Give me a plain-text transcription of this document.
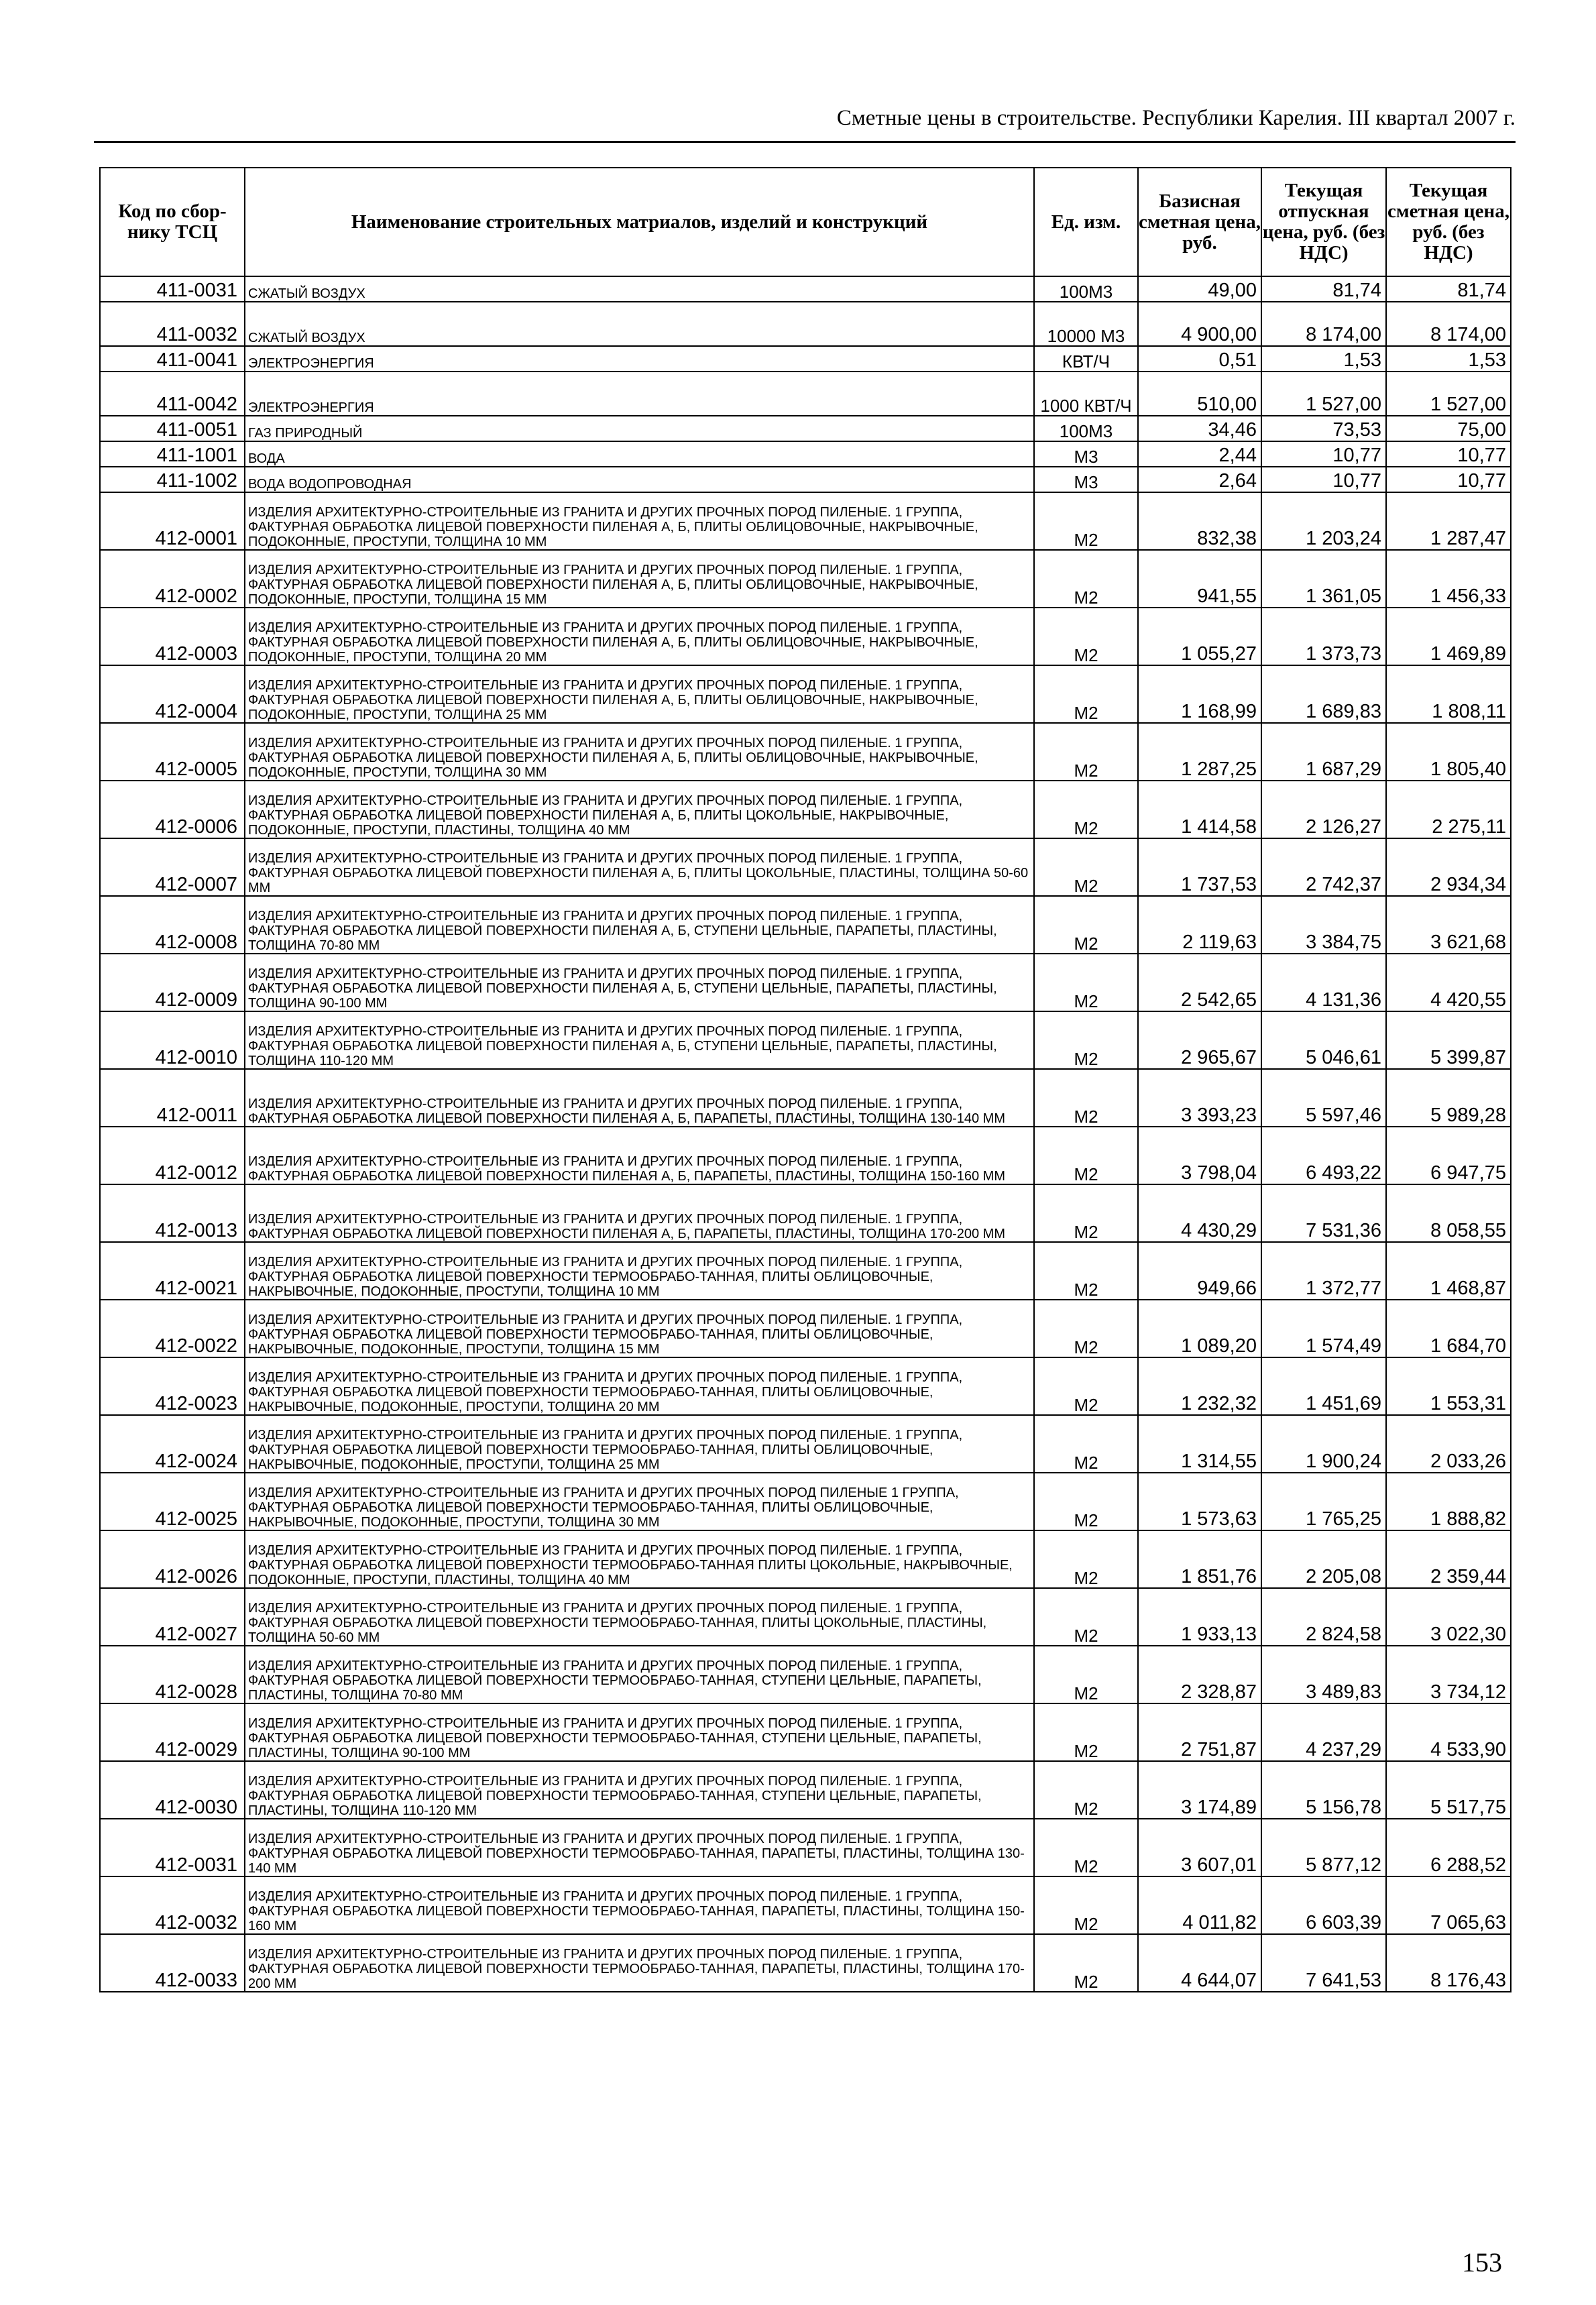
Сметные цены в строительстве. Республики Карелия. III квартал 2007 г.
Код по сбор-нику ТСЦ	Наименование строительных матриалов, изделий и конструкций	Ед. изм.	Базисная сметная цена, руб.	Текущая отпускная цена, руб. (без НДС)	Текущая сметная цена, руб. (без НДС)
411-0031	СЖАТЫЙ ВОЗДУХ	100М3	49,00	81,74	81,74
411-0032	СЖАТЫЙ ВОЗДУХ	10000 М3	4 900,00	8 174,00	8 174,00
411-0041	ЭЛЕКТРОЭНЕРГИЯ	КВТ/Ч	0,51	1,53	1,53
411-0042	ЭЛЕКТРОЭНЕРГИЯ	1000 КВТ/Ч	510,00	1 527,00	1 527,00
411-0051	ГАЗ ПРИРОДНЫЙ	100М3	34,46	73,53	75,00
411-1001	ВОДА	М3	2,44	10,77	10,77
411-1002	ВОДА ВОДОПРОВОДНАЯ	М3	2,64	10,77	10,77
412-0001	ИЗДЕЛИЯ АРХИТЕКТУРНО-СТРОИТЕЛЬНЫЕ ИЗ ГРАНИТА И ДРУГИХ ПРОЧНЫХ ПОРОД ПИЛЕНЫЕ. 1 ГРУППА, ФАКТУРНАЯ ОБРАБОТКА ЛИЦЕВОЙ ПОВЕРХНОСТИ ПИЛЕНАЯ А, Б, ПЛИТЫ ОБЛИЦОВОЧНЫЕ, НАКРЫВОЧНЫЕ, ПОДОКОННЫЕ, ПРОСТУПИ, ТОЛЩИНА 10 ММ	М2	832,38	1 203,24	1 287,47
412-0002	ИЗДЕЛИЯ АРХИТЕКТУРНО-СТРОИТЕЛЬНЫЕ ИЗ ГРАНИТА И ДРУГИХ ПРОЧНЫХ ПОРОД ПИЛЕНЫЕ. 1 ГРУППА, ФАКТУРНАЯ ОБРАБОТКА ЛИЦЕВОЙ ПОВЕРХНОСТИ ПИЛЕНАЯ А, Б, ПЛИТЫ ОБЛИЦОВОЧНЫЕ, НАКРЫВОЧНЫЕ, ПОДОКОННЫЕ, ПРОСТУПИ, ТОЛЩИНА 15 ММ	М2	941,55	1 361,05	1 456,33
412-0003	ИЗДЕЛИЯ АРХИТЕКТУРНО-СТРОИТЕЛЬНЫЕ ИЗ ГРАНИТА И ДРУГИХ ПРОЧНЫХ ПОРОД ПИЛЕНЫЕ. 1 ГРУППА, ФАКТУРНАЯ ОБРАБОТКА ЛИЦЕВОЙ ПОВЕРХНОСТИ ПИЛЕНАЯ А, Б, ПЛИТЫ ОБЛИЦОВОЧНЫЕ, НАКРЫВОЧНЫЕ, ПОДОКОННЫЕ, ПРОСТУПИ, ТОЛЩИНА 20 ММ	М2	1 055,27	1 373,73	1 469,89
412-0004	ИЗДЕЛИЯ АРХИТЕКТУРНО-СТРОИТЕЛЬНЫЕ ИЗ ГРАНИТА И ДРУГИХ ПРОЧНЫХ ПОРОД ПИЛЕНЫЕ. 1 ГРУППА, ФАКТУРНАЯ ОБРАБОТКА ЛИЦЕВОЙ ПОВЕРХНОСТИ ПИЛЕНАЯ А, Б, ПЛИТЫ ОБЛИЦОВОЧНЫЕ, НАКРЫВОЧНЫЕ, ПОДОКОННЫЕ, ПРОСТУПИ, ТОЛЩИНА 25 ММ	М2	1 168,99	1 689,83	1 808,11
412-0005	ИЗДЕЛИЯ АРХИТЕКТУРНО-СТРОИТЕЛЬНЫЕ ИЗ ГРАНИТА И ДРУГИХ ПРОЧНЫХ ПОРОД ПИЛЕНЫЕ. 1 ГРУППА, ФАКТУРНАЯ ОБРАБОТКА ЛИЦЕВОЙ ПОВЕРХНОСТИ ПИЛЕНАЯ А, Б, ПЛИТЫ ОБЛИЦОВОЧНЫЕ, НАКРЫВОЧНЫЕ, ПОДОКОННЫЕ, ПРОСТУПИ, ТОЛЩИНА 30 ММ	М2	1 287,25	1 687,29	1 805,40
412-0006	ИЗДЕЛИЯ АРХИТЕКТУРНО-СТРОИТЕЛЬНЫЕ ИЗ ГРАНИТА И ДРУГИХ ПРОЧНЫХ ПОРОД ПИЛЕНЫЕ. 1 ГРУППА, ФАКТУРНАЯ ОБРАБОТКА ЛИЦЕВОЙ ПОВЕРХНОСТИ ПИЛЕНАЯ А, Б, ПЛИТЫ ЦОКОЛЬНЫЕ, НАКРЫВОЧНЫЕ, ПОДОКОННЫЕ, ПРОСТУПИ, ПЛАСТИНЫ, ТОЛЩИНА 40 ММ	М2	1 414,58	2 126,27	2 275,11
412-0007	ИЗДЕЛИЯ АРХИТЕКТУРНО-СТРОИТЕЛЬНЫЕ ИЗ ГРАНИТА И ДРУГИХ ПРОЧНЫХ ПОРОД ПИЛЕНЫЕ. 1 ГРУППА, ФАКТУРНАЯ ОБРАБОТКА ЛИЦЕВОЙ ПОВЕРХНОСТИ ПИЛЕНАЯ А, Б, ПЛИТЫ ЦОКОЛЬНЫЕ, ПЛАСТИНЫ, ТОЛЩИНА 50-60 ММ	М2	1 737,53	2 742,37	2 934,34
412-0008	ИЗДЕЛИЯ АРХИТЕКТУРНО-СТРОИТЕЛЬНЫЕ ИЗ ГРАНИТА И ДРУГИХ ПРОЧНЫХ ПОРОД ПИЛЕНЫЕ. 1 ГРУППА, ФАКТУРНАЯ ОБРАБОТКА ЛИЦЕВОЙ ПОВЕРХНОСТИ ПИЛЕНАЯ А, Б, СТУПЕНИ ЦЕЛЬНЫЕ, ПАРАПЕТЫ, ПЛАСТИНЫ, ТОЛЩИНА 70-80 ММ	М2	2 119,63	3 384,75	3 621,68
412-0009	ИЗДЕЛИЯ АРХИТЕКТУРНО-СТРОИТЕЛЬНЫЕ ИЗ ГРАНИТА И ДРУГИХ ПРОЧНЫХ ПОРОД ПИЛЕНЫЕ. 1 ГРУППА, ФАКТУРНАЯ ОБРАБОТКА ЛИЦЕВОЙ ПОВЕРХНОСТИ ПИЛЕНАЯ А, Б, СТУПЕНИ ЦЕЛЬНЫЕ, ПАРАПЕТЫ, ПЛАСТИНЫ, ТОЛЩИНА 90-100 ММ	М2	2 542,65	4 131,36	4 420,55
412-0010	ИЗДЕЛИЯ АРХИТЕКТУРНО-СТРОИТЕЛЬНЫЕ ИЗ ГРАНИТА И ДРУГИХ ПРОЧНЫХ ПОРОД ПИЛЕНЫЕ. 1 ГРУППА, ФАКТУРНАЯ ОБРАБОТКА ЛИЦЕВОЙ ПОВЕРХНОСТИ ПИЛЕНАЯ А, Б, СТУПЕНИ ЦЕЛЬНЫЕ, ПАРАПЕТЫ, ПЛАСТИНЫ, ТОЛЩИНА 110-120 ММ	М2	2 965,67	5 046,61	5 399,87
412-0011	ИЗДЕЛИЯ АРХИТЕКТУРНО-СТРОИТЕЛЬНЫЕ ИЗ ГРАНИТА И ДРУГИХ ПРОЧНЫХ ПОРОД ПИЛЕНЫЕ. 1 ГРУППА, ФАКТУРНАЯ ОБРАБОТКА ЛИЦЕВОЙ ПОВЕРХНОСТИ ПИЛЕНАЯ А, Б, ПАРАПЕТЫ, ПЛАСТИНЫ, ТОЛЩИНА 130-140 ММ	М2	3 393,23	5 597,46	5 989,28
412-0012	ИЗДЕЛИЯ АРХИТЕКТУРНО-СТРОИТЕЛЬНЫЕ ИЗ ГРАНИТА И ДРУГИХ ПРОЧНЫХ ПОРОД ПИЛЕНЫЕ. 1 ГРУППА, ФАКТУРНАЯ ОБРАБОТКА ЛИЦЕВОЙ ПОВЕРХНОСТИ ПИЛЕНАЯ А, Б, ПАРАПЕТЫ, ПЛАСТИНЫ, ТОЛЩИНА 150-160 ММ	М2	3 798,04	6 493,22	6 947,75
412-0013	ИЗДЕЛИЯ АРХИТЕКТУРНО-СТРОИТЕЛЬНЫЕ ИЗ ГРАНИТА И ДРУГИХ ПРОЧНЫХ ПОРОД ПИЛЕНЫЕ. 1 ГРУППА, ФАКТУРНАЯ ОБРАБОТКА ЛИЦЕВОЙ ПОВЕРХНОСТИ ПИЛЕНАЯ А, Б, ПАРАПЕТЫ, ПЛАСТИНЫ, ТОЛЩИНА 170-200 ММ	М2	4 430,29	7 531,36	8 058,55
412-0021	ИЗДЕЛИЯ АРХИТЕКТУРНО-СТРОИТЕЛЬНЫЕ ИЗ ГРАНИТА И ДРУГИХ ПРОЧНЫХ ПОРОД ПИЛЕНЫЕ. 1 ГРУППА, ФАКТУРНАЯ ОБРАБОТКА ЛИЦЕВОЙ ПОВЕРХНОСТИ ТЕРМООБРАБО-ТАННАЯ, ПЛИТЫ ОБЛИЦОВОЧНЫЕ, НАКРЫВОЧНЫЕ, ПОДОКОННЫЕ, ПРОСТУПИ, ТОЛЩИНА 10 ММ	М2	949,66	1 372,77	1 468,87
412-0022	ИЗДЕЛИЯ АРХИТЕКТУРНО-СТРОИТЕЛЬНЫЕ ИЗ ГРАНИТА И ДРУГИХ ПРОЧНЫХ ПОРОД ПИЛЕНЫЕ. 1 ГРУППА, ФАКТУРНАЯ ОБРАБОТКА ЛИЦЕВОЙ ПОВЕРХНОСТИ ТЕРМООБРАБО-ТАННАЯ, ПЛИТЫ ОБЛИЦОВОЧНЫЕ, НАКРЫВОЧНЫЕ, ПОДОКОННЫЕ, ПРОСТУПИ, ТОЛЩИНА 15 ММ	М2	1 089,20	1 574,49	1 684,70
412-0023	ИЗДЕЛИЯ АРХИТЕКТУРНО-СТРОИТЕЛЬНЫЕ ИЗ ГРАНИТА И ДРУГИХ ПРОЧНЫХ ПОРОД ПИЛЕНЫЕ. 1 ГРУППА, ФАКТУРНАЯ ОБРАБОТКА ЛИЦЕВОЙ ПОВЕРХНОСТИ ТЕРМООБРАБО-ТАННАЯ, ПЛИТЫ ОБЛИЦОВОЧНЫЕ, НАКРЫВОЧНЫЕ, ПОДОКОННЫЕ, ПРОСТУПИ, ТОЛЩИНА 20 ММ	М2	1 232,32	1 451,69	1 553,31
412-0024	ИЗДЕЛИЯ АРХИТЕКТУРНО-СТРОИТЕЛЬНЫЕ ИЗ ГРАНИТА И ДРУГИХ ПРОЧНЫХ ПОРОД ПИЛЕНЫЕ. 1 ГРУППА, ФАКТУРНАЯ ОБРАБОТКА ЛИЦЕВОЙ ПОВЕРХНОСТИ ТЕРМООБРАБО-ТАННАЯ, ПЛИТЫ ОБЛИЦОВОЧНЫЕ, НАКРЫВОЧНЫЕ, ПОДОКОННЫЕ, ПРОСТУПИ, ТОЛЩИНА 25 ММ	М2	1 314,55	1 900,24	2 033,26
412-0025	ИЗДЕЛИЯ АРХИТЕКТУРНО-СТРОИТЕЛЬНЫЕ ИЗ ГРАНИТА И ДРУГИХ ПРОЧНЫХ ПОРОД ПИЛЕНЫЕ 1 ГРУППА, ФАКТУРНАЯ ОБРАБОТКА ЛИЦЕВОЙ ПОВЕРХНОСТИ ТЕРМООБРАБО-ТАННАЯ, ПЛИТЫ ОБЛИЦОВОЧНЫЕ, НАКРЫВОЧНЫЕ, ПОДОКОННЫЕ, ПРОСТУПИ, ТОЛЩИНА 30 ММ	М2	1 573,63	1 765,25	1 888,82
412-0026	ИЗДЕЛИЯ АРХИТЕКТУРНО-СТРОИТЕЛЬНЫЕ ИЗ ГРАНИТА И ДРУГИХ ПРОЧНЫХ ПОРОД ПИЛЕНЫЕ. 1 ГРУППА, ФАКТУРНАЯ ОБРАБОТКА ЛИЦЕВОЙ ПОВЕРХНОСТИ ТЕРМООБРАБО-ТАННАЯ ПЛИТЫ ЦОКОЛЬНЫЕ, НАКРЫВОЧНЫЕ, ПОДОКОННЫЕ, ПРОСТУПИ, ПЛАСТИНЫ, ТОЛЩИНА 40 ММ	М2	1 851,76	2 205,08	2 359,44
412-0027	ИЗДЕЛИЯ АРХИТЕКТУРНО-СТРОИТЕЛЬНЫЕ ИЗ ГРАНИТА И ДРУГИХ ПРОЧНЫХ ПОРОД ПИЛЕНЫЕ. 1 ГРУППА, ФАКТУРНАЯ ОБРАБОТКА ЛИЦЕВОЙ ПОВЕРХНОСТИ ТЕРМООБРАБО-ТАННАЯ, ПЛИТЫ ЦОКОЛЬНЫЕ, ПЛАСТИНЫ, ТОЛЩИНА 50-60 ММ	М2	1 933,13	2 824,58	3 022,30
412-0028	ИЗДЕЛИЯ АРХИТЕКТУРНО-СТРОИТЕЛЬНЫЕ ИЗ ГРАНИТА И ДРУГИХ ПРОЧНЫХ ПОРОД ПИЛЕНЫЕ. 1 ГРУППА, ФАКТУРНАЯ ОБРАБОТКА ЛИЦЕВОЙ ПОВЕРХНОСТИ ТЕРМООБРАБО-ТАННАЯ, СТУПЕНИ ЦЕЛЬНЫЕ, ПАРАПЕТЫ, ПЛАСТИНЫ, ТОЛЩИНА 70-80 ММ	М2	2 328,87	3 489,83	3 734,12
412-0029	ИЗДЕЛИЯ АРХИТЕКТУРНО-СТРОИТЕЛЬНЫЕ ИЗ ГРАНИТА И ДРУГИХ ПРОЧНЫХ ПОРОД ПИЛЕНЫЕ. 1 ГРУППА, ФАКТУРНАЯ ОБРАБОТКА ЛИЦЕВОЙ ПОВЕРХНОСТИ ТЕРМООБРАБО-ТАННАЯ, СТУПЕНИ ЦЕЛЬНЫЕ, ПАРАПЕТЫ, ПЛАСТИНЫ, ТОЛЩИНА 90-100 ММ	М2	2 751,87	4 237,29	4 533,90
412-0030	ИЗДЕЛИЯ АРХИТЕКТУРНО-СТРОИТЕЛЬНЫЕ ИЗ ГРАНИТА И ДРУГИХ ПРОЧНЫХ ПОРОД ПИЛЕНЫЕ. 1 ГРУППА, ФАКТУРНАЯ ОБРАБОТКА ЛИЦЕВОЙ ПОВЕРХНОСТИ ТЕРМООБРАБО-ТАННАЯ, СТУПЕНИ ЦЕЛЬНЫЕ, ПАРАПЕТЫ, ПЛАСТИНЫ, ТОЛЩИНА 110-120 ММ	М2	3 174,89	5 156,78	5 517,75
412-0031	ИЗДЕЛИЯ АРХИТЕКТУРНО-СТРОИТЕЛЬНЫЕ ИЗ ГРАНИТА И ДРУГИХ ПРОЧНЫХ ПОРОД ПИЛЕНЫЕ. 1 ГРУППА, ФАКТУРНАЯ ОБРАБОТКА ЛИЦЕВОЙ ПОВЕРХНОСТИ ТЕРМООБРАБО-ТАННАЯ, ПАРАПЕТЫ, ПЛАСТИНЫ, ТОЛЩИНА 130-140 ММ	М2	3 607,01	5 877,12	6 288,52
412-0032	ИЗДЕЛИЯ АРХИТЕКТУРНО-СТРОИТЕЛЬНЫЕ ИЗ ГРАНИТА И ДРУГИХ ПРОЧНЫХ ПОРОД ПИЛЕНЫЕ. 1 ГРУППА, ФАКТУРНАЯ ОБРАБОТКА ЛИЦЕВОЙ ПОВЕРХНОСТИ ТЕРМООБРАБО-ТАННАЯ, ПАРАПЕТЫ, ПЛАСТИНЫ, ТОЛЩИНА 150-160 ММ	М2	4 011,82	6 603,39	7 065,63
412-0033	ИЗДЕЛИЯ АРХИТЕКТУРНО-СТРОИТЕЛЬНЫЕ ИЗ ГРАНИТА И ДРУГИХ ПРОЧНЫХ ПОРОД ПИЛЕНЫЕ. 1 ГРУППА, ФАКТУРНАЯ ОБРАБОТКА ЛИЦЕВОЙ ПОВЕРХНОСТИ ТЕРМООБРАБО-ТАННАЯ, ПАРАПЕТЫ, ПЛАСТИНЫ, ТОЛЩИНА 170-200 ММ	М2	4 644,07	7 641,53	8 176,43
153
